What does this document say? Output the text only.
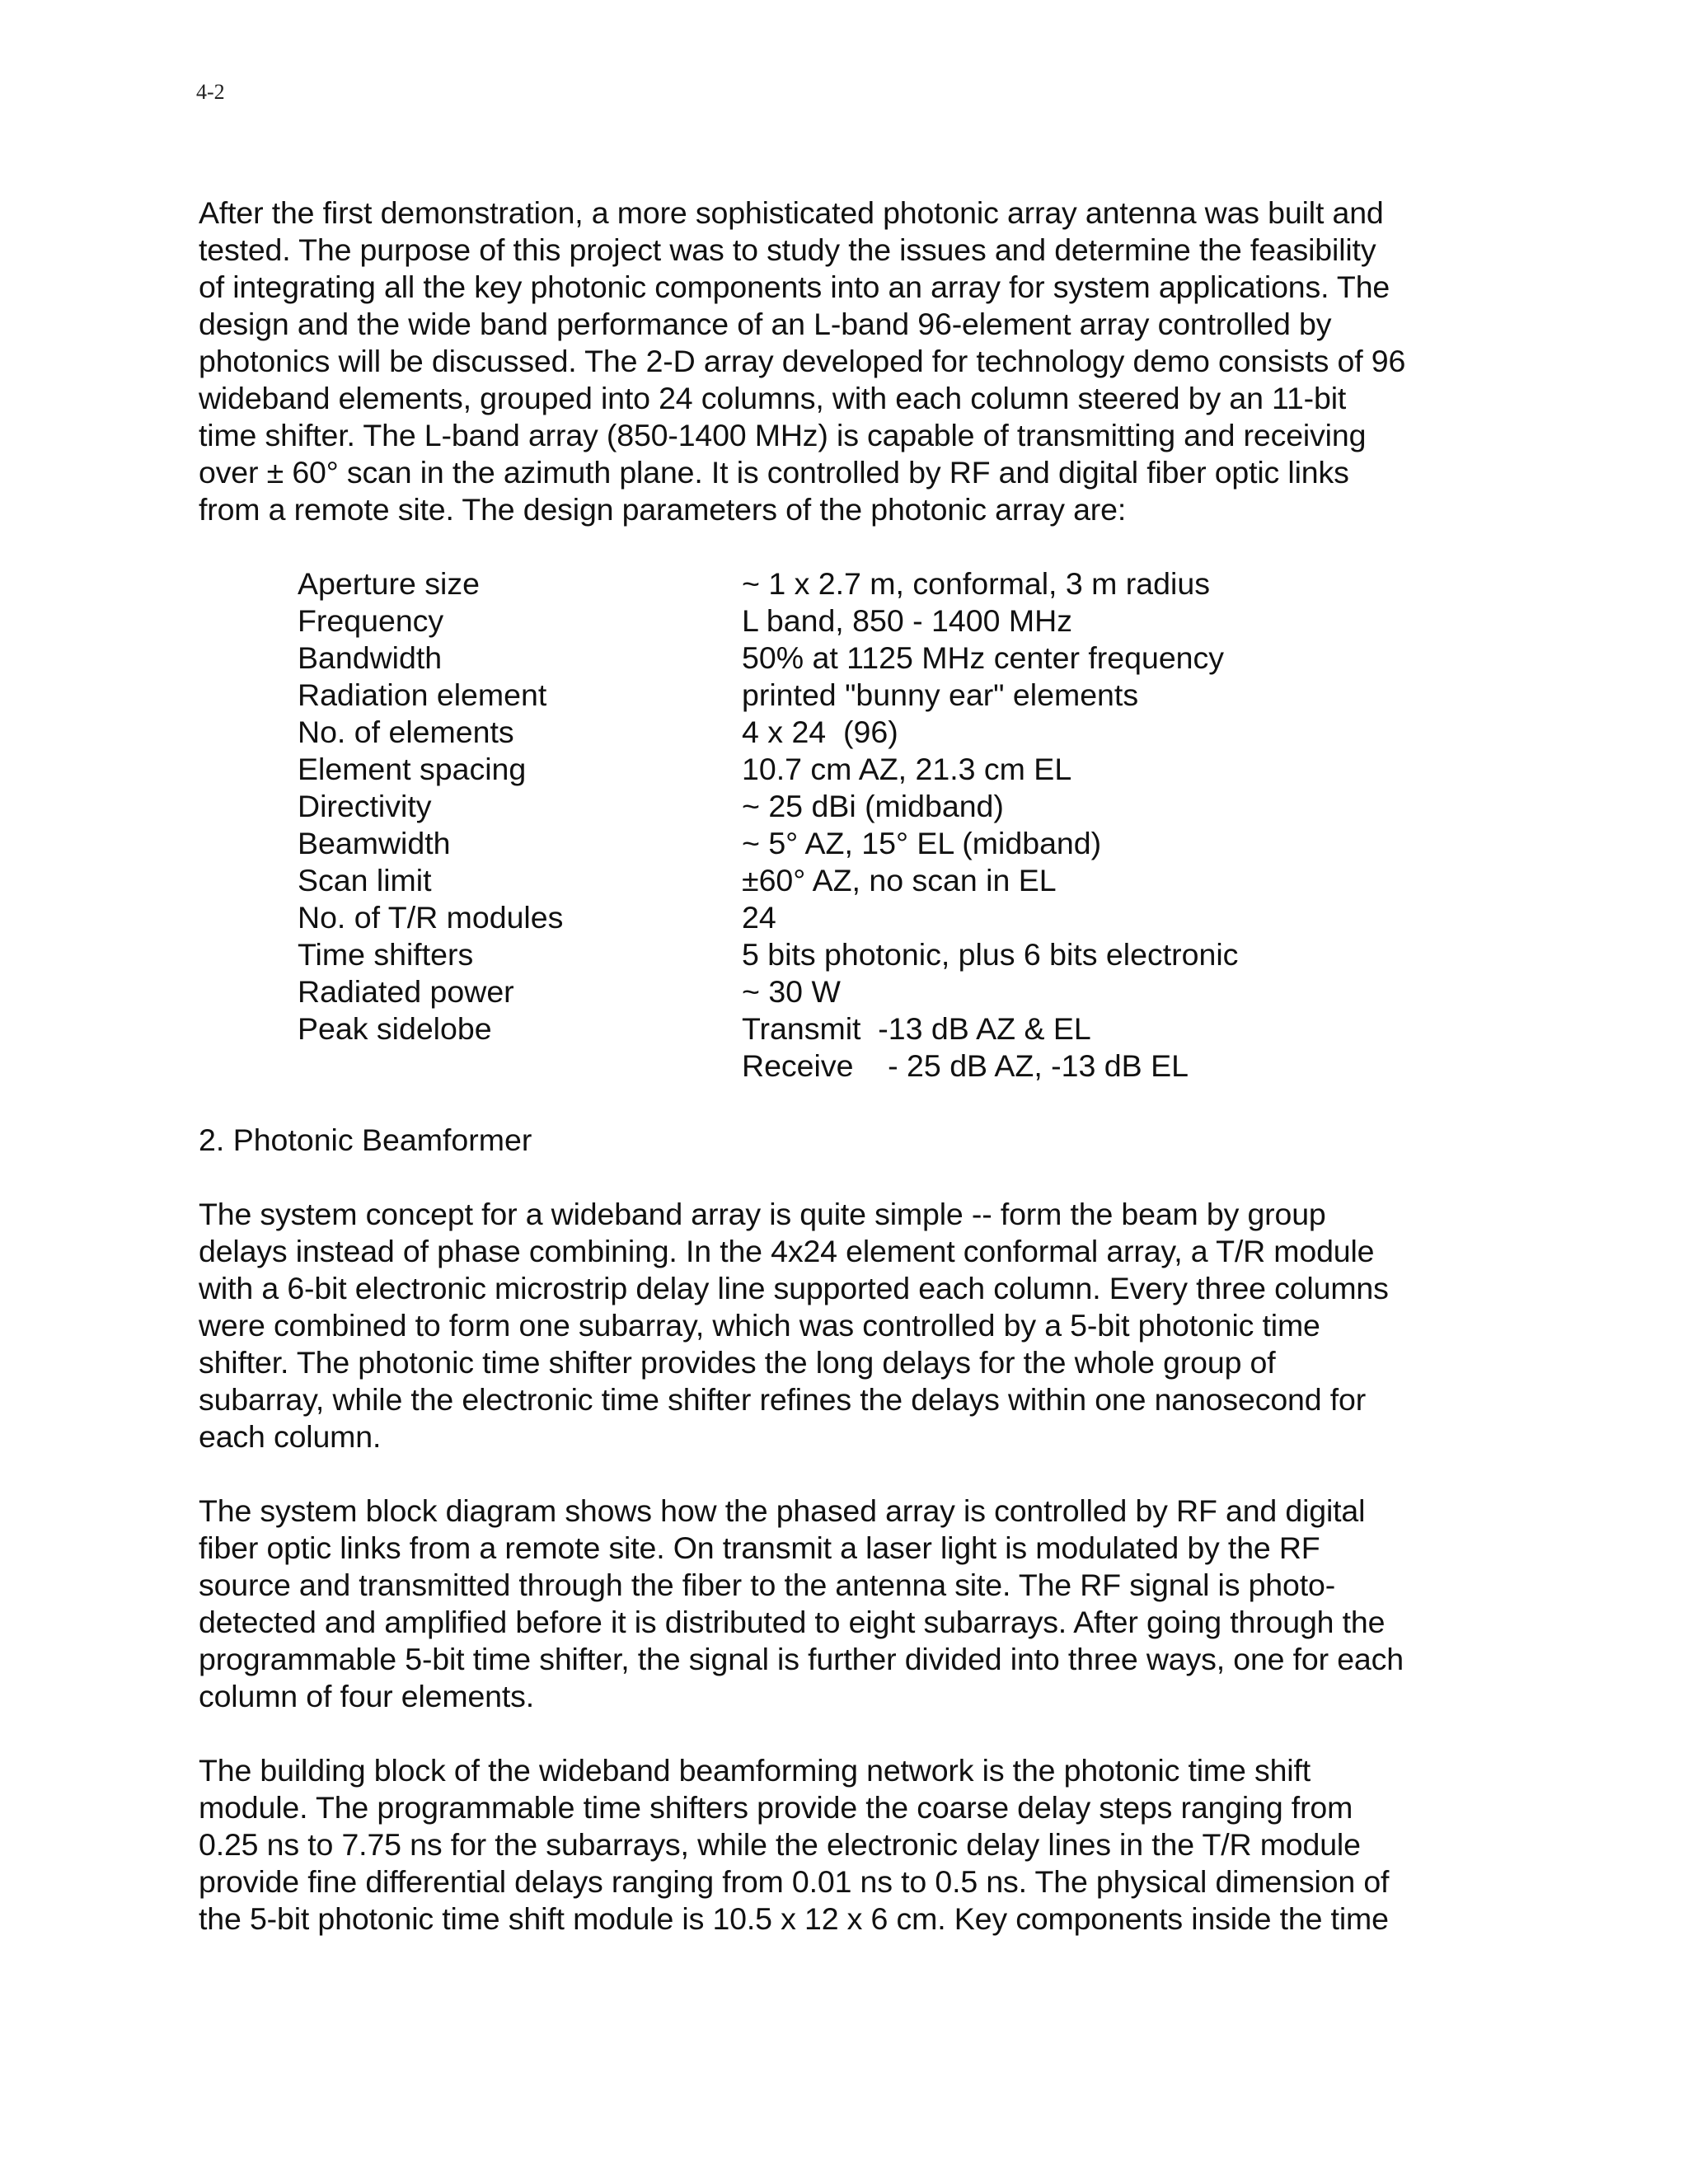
4-2

After the first demonstration, a more sophisticated photonic array antenna was built and
tested. The purpose of this project was to study the issues and determine the feasibility
of integrating all the key photonic components into an array for system applications. The
design and the wide band performance of an L-band 96-element array controlled by
photonics will be discussed. The 2-D array developed for technology demo consists of 96
wideband elements, grouped into 24 columns, with each column steered by an 11-bit
time shifter. The L-band array (850-1400 MHz) is capable of transmitting and receiving
over ± 60° scan in the azimuth plane. It is controlled by RF and digital fiber optic links
from a remote site. The design parameters of the photonic array are:

Aperture size	~ 1 x 2.7 m, conformal, 3 m radius
Frequency	L band, 850 - 1400 MHz
Bandwidth	50% at 1125 MHz center frequency
Radiation element	printed "bunny ear" elements
No. of elements	4 x 24  (96)
Element spacing	10.7 cm AZ, 21.3 cm EL
Directivity	~ 25 dBi (midband)
Beamwidth	~ 5° AZ, 15° EL (midband)
Scan limit	±60° AZ, no scan in EL
No. of T/R modules	24
Time shifters	5 bits photonic, plus 6 bits electronic
Radiated power	~ 30 W
Peak sidelobe	Transmit  -13 dB AZ & EL
Receive    - 25 dB AZ, -13 dB EL

2. Photonic Beamformer

The system concept for a wideband array is quite simple -- form the beam by group
delays instead of phase combining. In the 4x24 element conformal array, a T/R module
with a 6-bit electronic microstrip delay line supported each column. Every three columns
were combined to form one subarray, which was controlled by a 5-bit photonic time
shifter. The photonic time shifter provides the long delays for the whole group of
subarray, while the electronic time shifter refines the delays within one nanosecond for
each column.

The system block diagram shows how the phased array is controlled by RF and digital
fiber optic links from a remote site. On transmit a laser light is modulated by the RF
source and transmitted through the fiber to the antenna site. The RF signal is photo-
detected and amplified before it is distributed to eight subarrays. After going through the
programmable 5-bit time shifter, the signal is further divided into three ways, one for each
column of four elements.

The building block of the wideband beamforming network is the photonic time shift
module. The programmable time shifters provide the coarse delay steps ranging from
0.25 ns to 7.75 ns for the subarrays, while the electronic delay lines in the T/R module
provide fine differential delays ranging from 0.01 ns to 0.5 ns. The physical dimension of
the 5-bit photonic time shift module is 10.5 x 12 x 6 cm. Key components inside the time
